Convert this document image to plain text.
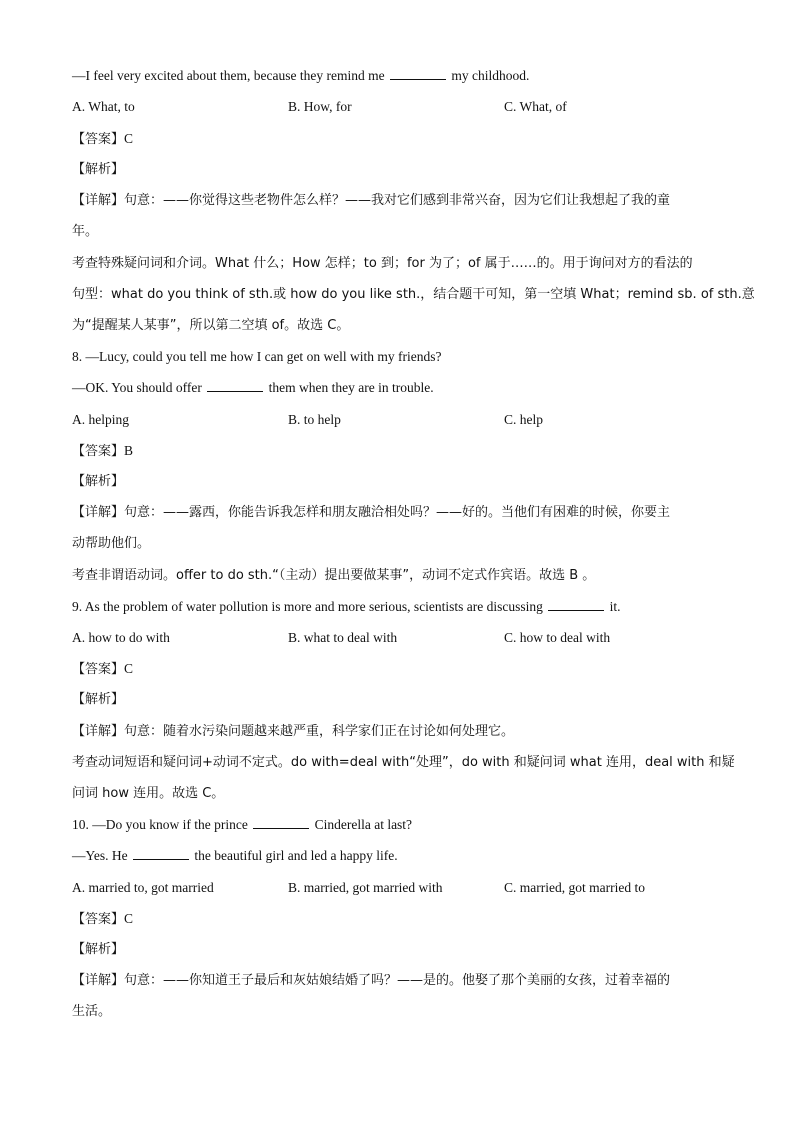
—I feel very excited about them, because they remind me	my childhood.
A. What, to	B. How, for	C. What, of
【答案】C
【解析】
【详解】句意：——你觉得这些老物件怎么样？——我对它们感到非常兴奋，因为它们让我想起了我的童
年。
考查特殊疑问词和介词。What 什么；How 怎样；to 到；for 为了；of 属于……的。用于询问对方的看法的
句型：what do you think of sth.或 how do you like sth.，结合题干可知，第一空填 What；remind sb. of sth.意
为“提醒某人某事”，所以第二空填 of。故选 C。
8. —Lucy, could you tell me how I can get on well with my friends?
—OK. You should offer	them when they are in trouble.
A. helping	B. to help	C. help
【答案】B
【解析】
【详解】句意：——露西，你能告诉我怎样和朋友融洽相处吗？——好的。当他们有困难的时候，你要主
动帮助他们。
考查非谓语动词。offer to do sth.“（主动）提出要做某事”，动词不定式作宾语。故选 B 。
9. As the problem of water pollution is more and more serious, scientists are discussing	it.
A. how to do with	B. what to deal with	C. how to deal with
【答案】C
【解析】
【详解】句意：随着水污染问题越来越严重，科学家们正在讨论如何处理它。
考查动词短语和疑问词+动词不定式。do with=deal with“处理”，do with 和疑问词 what 连用，deal with 和疑
问词 how 连用。故选 C。
10. —Do you know if the prince	Cinderella at last?
—Yes. He	the beautiful girl and led a happy life.
A. married to, got married	B. married, got married with	C. married, got married to
【答案】C
【解析】
【详解】句意：——你知道王子最后和灰姑娘结婚了吗？——是的。他娶了那个美丽的女孩，过着幸福的
生活。
